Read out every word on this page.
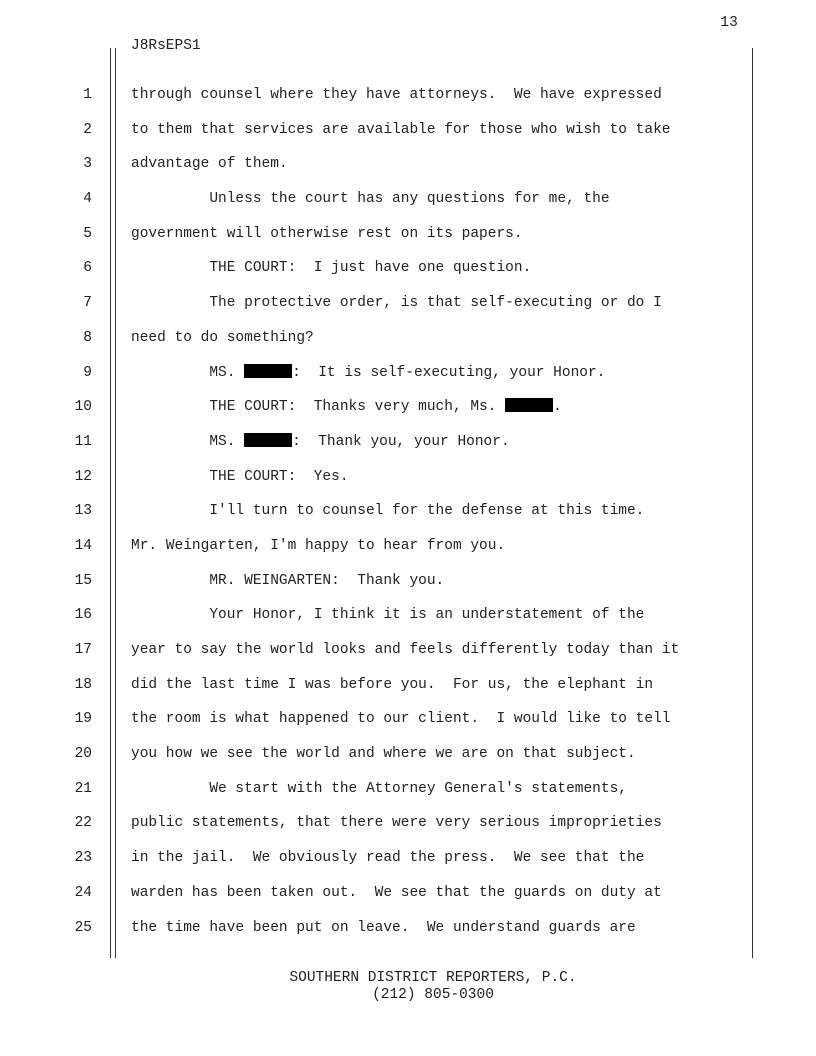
13
J8RsEPS1
1	through counsel where they have attorneys.  We have expressed
2	to them that services are available for those who wish to take
3	advantage of them.
4	Unless the court has any questions for me, the
5	government will otherwise rest on its papers.
6	THE COURT:  I just have one question.
7	The protective order, is that self-executing or do I
8	need to do something?
9	MS.	:  It is self-executing, your Honor.
10	THE COURT:  Thanks very much, Ms.	.
11	MS.	:  Thank you, your Honor.
12	THE COURT:  Yes.
13	I'll turn to counsel for the defense at this time.
14	Mr. Weingarten, I'm happy to hear from you.
15	MR. WEINGARTEN:  Thank you.
16	Your Honor, I think it is an understatement of the
17	year to say the world looks and feels differently today than it
18	did the last time I was before you.  For us, the elephant in
19	the room is what happened to our client.  I would like to tell
20	you how we see the world and where we are on that subject.
21	We start with the Attorney General's statements,
22	public statements, that there were very serious improprieties
23	in the jail.  We obviously read the press.  We see that the
24	warden has been taken out.  We see that the guards on duty at
25	the time have been put on leave.  We understand guards are
SOUTHERN DISTRICT REPORTERS, P.C.
(212) 805-0300
